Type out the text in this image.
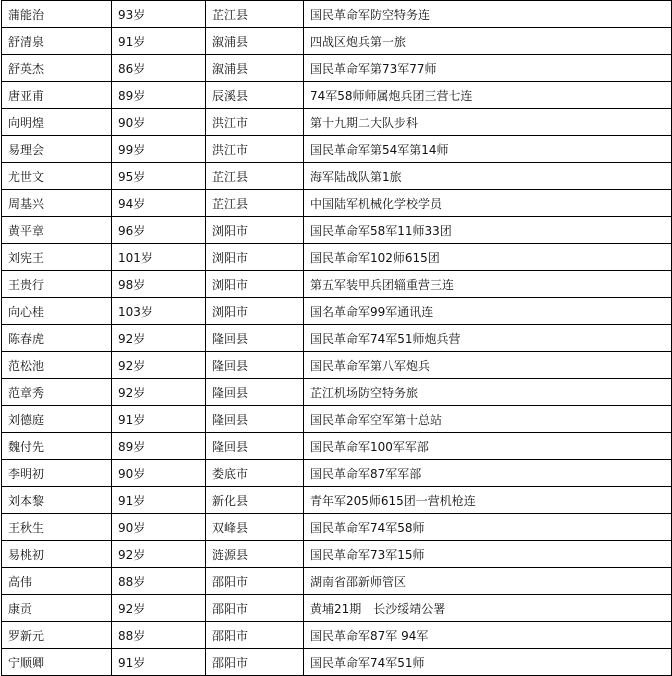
蒲能治	93岁	芷江县	国民革命军防空特务连
舒清泉	91岁	溆浦县	四战区炮兵第一旅
舒英杰	86岁	溆浦县	国民革命军第73军77师
唐亚甫	89岁	辰溪县	74军58师师属炮兵团三营七连
向明煌	90岁	洪江市	第十九期二大队步科
易理会	99岁	洪江市	国民革命军第54军第14师
尤世文	95岁	芷江县	海军陆战队第1旅
周基兴	94岁	芷江县	中国陆军机械化学校学员
黄平章	96岁	浏阳市	国民革命军58军11师33团
刘宪王	101岁	浏阳市	国民革命军102师615团
王贵行	98岁	浏阳市	第五军装甲兵团辎重营三连
向心桂	103岁	浏阳市	国名革命军99军通讯连
陈春虎	92岁	隆回县	国民革命军74军51师炮兵营
范松池	92岁	隆回县	国民革命军第八军炮兵
范章秀	92岁	隆回县	芷江机场防空特务旅
刘德庭	91岁	隆回县	国民革命军空军第十总站
魏付先	89岁	隆回县	国民革命军100军军部
李明初	90岁	娄底市	国民革命军87军军部
刘本黎	91岁	新化县	青年军205师615团一营机枪连
王秋生	90岁	双峰县	国民革命军74军58师
易桃初	92岁	涟源县	国民革命军73军15师
高伟	88岁	邵阳市	湖南省邵新师管区
康贡	92岁	邵阳市	黄埔21期　长沙绥靖公署
罗新元	88岁	邵阳市	国民革命军87军 94军
宁顺卿	91岁	邵阳市	国民革命军74军51师
